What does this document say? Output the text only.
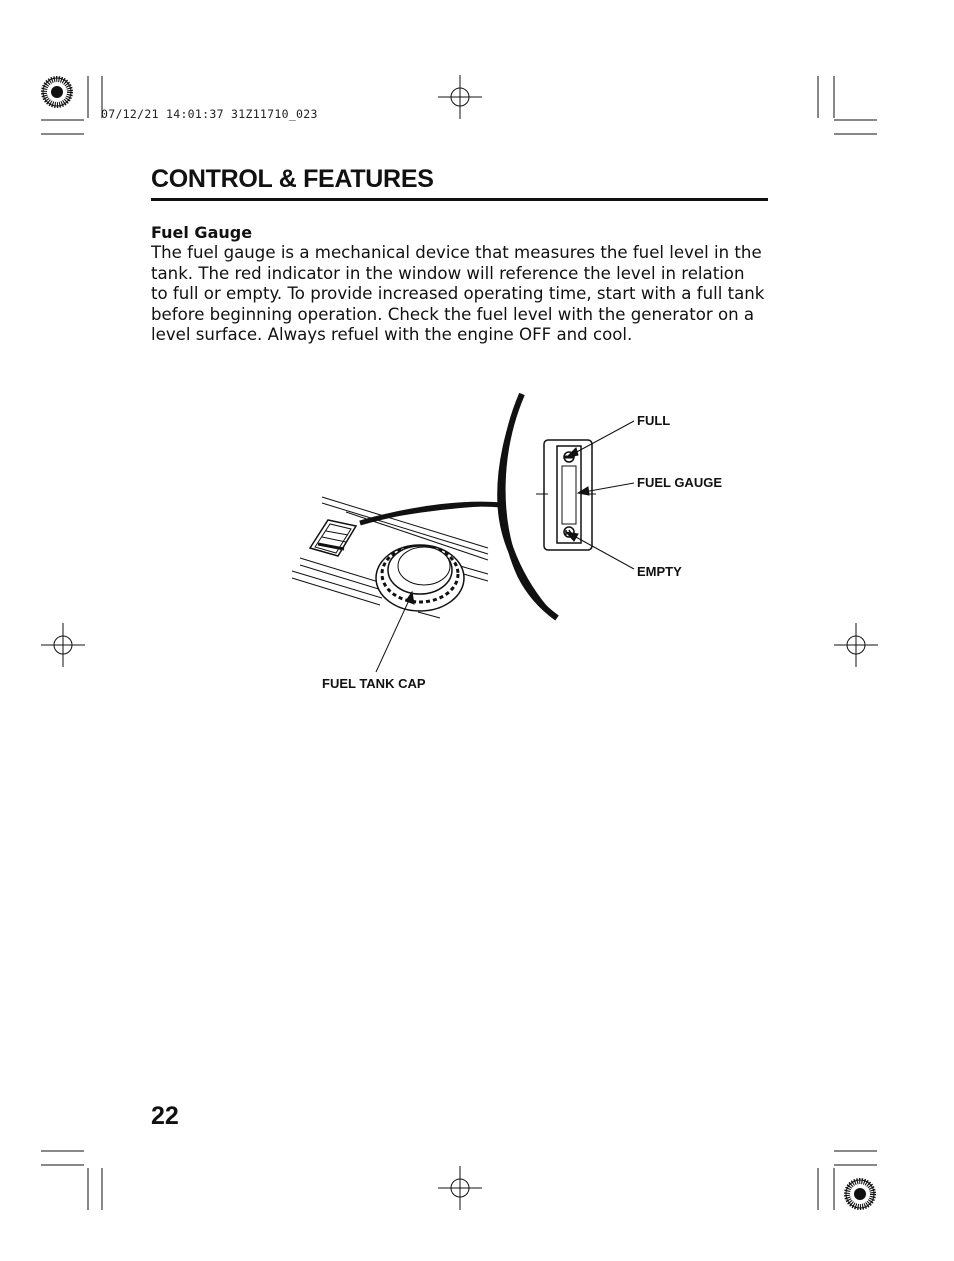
07/12/21 14:01:37 31Z11710_023
CONTROL & FEATURES
Fuel Gauge
The fuel gauge is a mechanical device that measures the fuel level in the tank. The red indicator in the window will reference the level in relation to full or empty. To provide increased operating time, start with a full tank before beginning operation. Check the fuel level with the generator on a level surface. Always refuel with the engine OFF and cool.
FULL
FUEL GAUGE
EMPTY
FUEL TANK CAP
22
